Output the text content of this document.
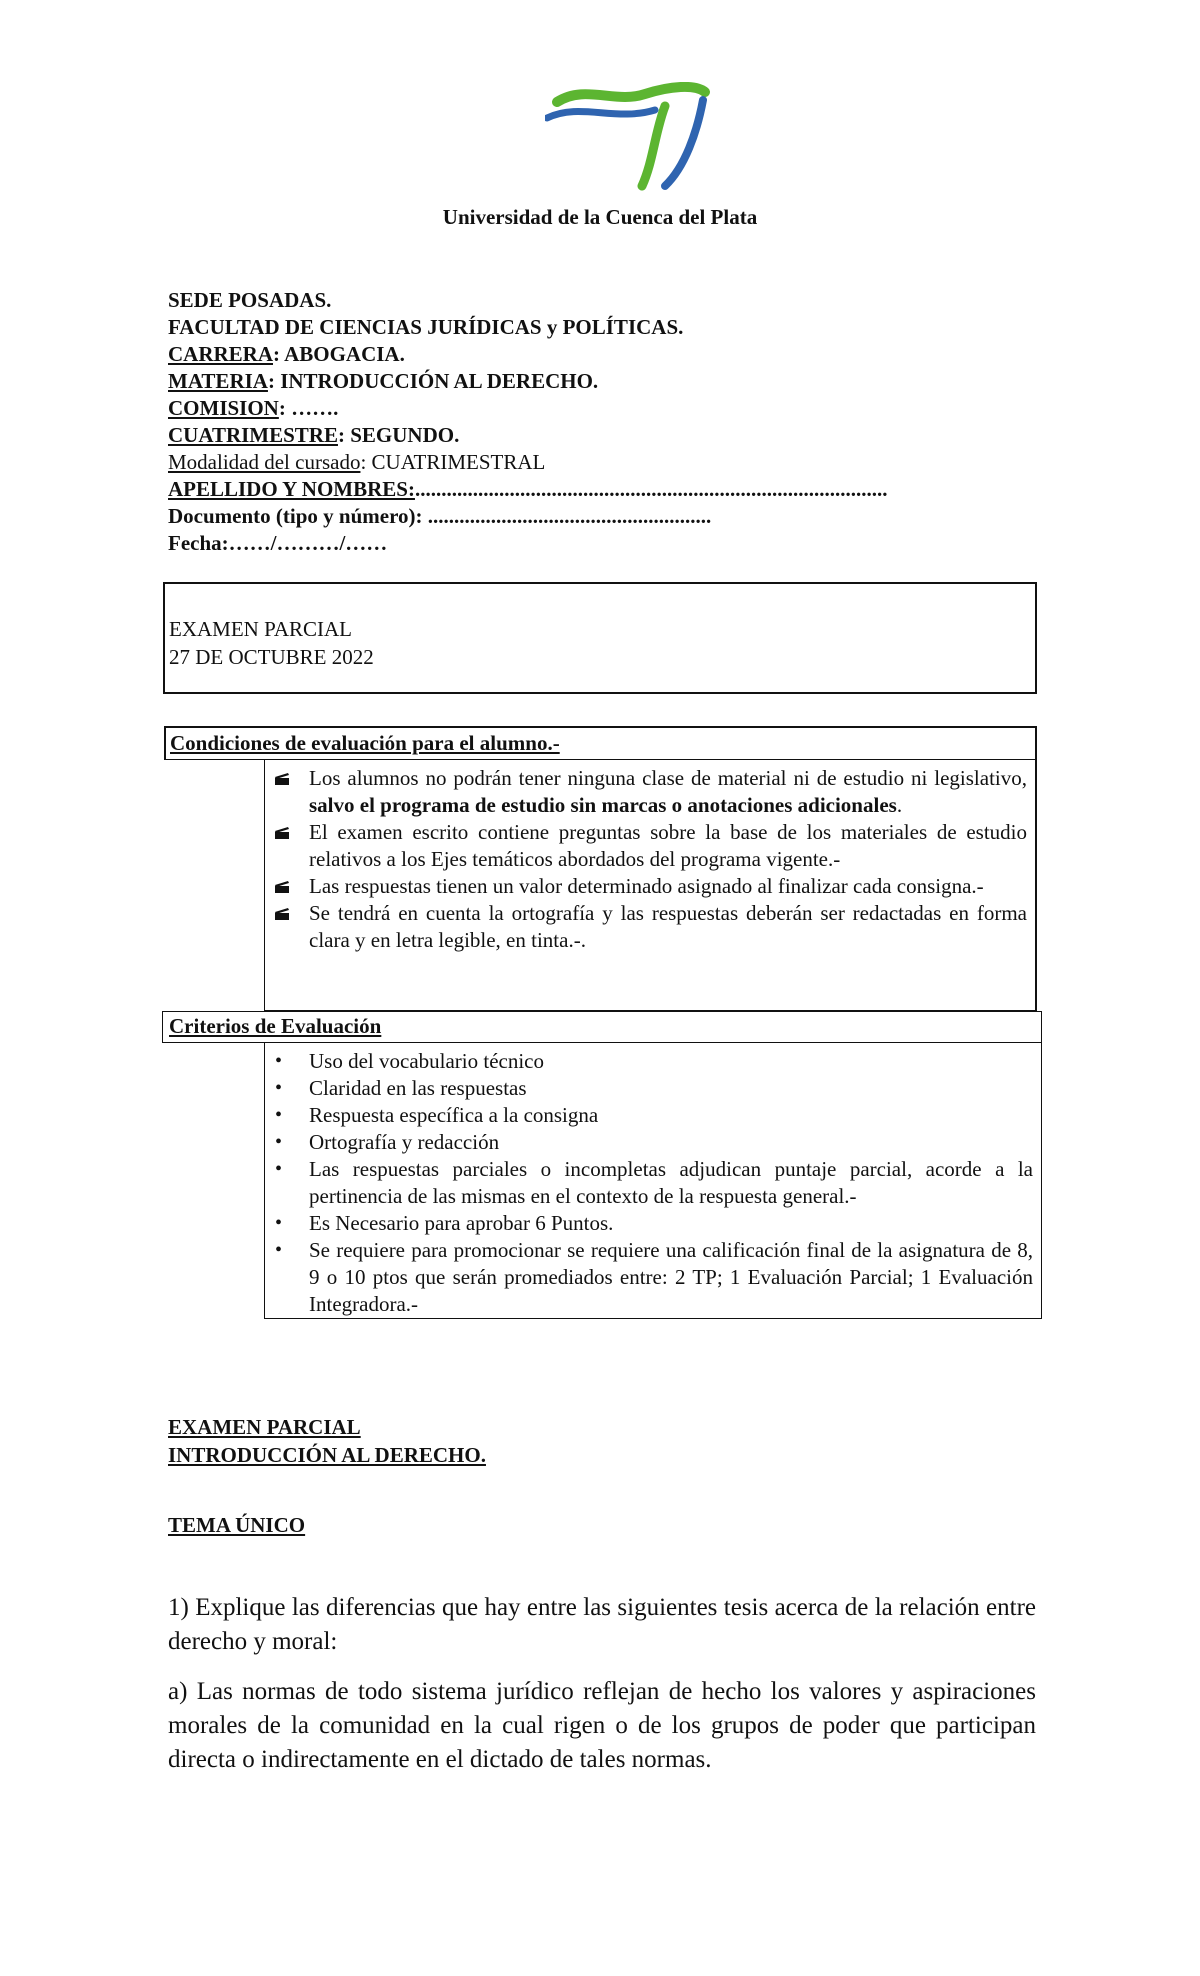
Universidad de la Cuenca del Plata
SEDE POSADAS.
FACULTAD DE CIENCIAS JURÍDICAS y POLÍTICAS.
CARRERA: ABOGACIA.
MATERIA: INTRODUCCIÓN AL DERECHO.
COMISION: …….
CUATRIMESTRE: SEGUNDO.
Modalidad del cursado: CUATRIMESTRAL
APELLIDO Y NOMBRES:..........................................................................................
Documento (tipo y número): ......................................................
Fecha:……/………/……
EXAMEN PARCIAL
27 DE OCTUBRE 2022
Condiciones de evaluación para el alumno.-
Los alumnos no podrán tener ninguna clase de material ni de estudio ni legislativo, salvo el programa de estudio sin marcas o anotaciones adicionales.
El examen escrito contiene preguntas sobre la base de los materiales de estudio relativos a los Ejes temáticos abordados del programa vigente.-
Las respuestas tienen un valor determinado asignado al finalizar cada consigna.-
Se tendrá en cuenta la ortografía y las respuestas deberán ser redactadas en forma clara y en letra legible, en tinta.-.
Criterios de Evaluación
• Uso del vocabulario técnico
• Claridad en las respuestas
• Respuesta específica a la consigna
• Ortografía y redacción
• Las respuestas parciales o incompletas adjudican puntaje parcial, acorde a la pertinencia de las mismas en el contexto de la respuesta general.-
• Es Necesario para aprobar 6 Puntos.
• Se requiere para promocionar se requiere una calificación final de la asignatura de 8, 9 o 10 ptos que serán promediados entre: 2 TP; 1 Evaluación Parcial; 1 Evaluación Integradora.-
EXAMEN PARCIAL
INTRODUCCIÓN AL DERECHO.
TEMA ÚNICO
1) Explique las diferencias que hay entre las siguientes tesis acerca de la relación entre derecho y moral:
a) Las normas de todo sistema jurídico reflejan de hecho los valores y aspiraciones morales de la comunidad en la cual rigen o de los grupos de poder que participan directa o indirectamente en el dictado de tales normas.
